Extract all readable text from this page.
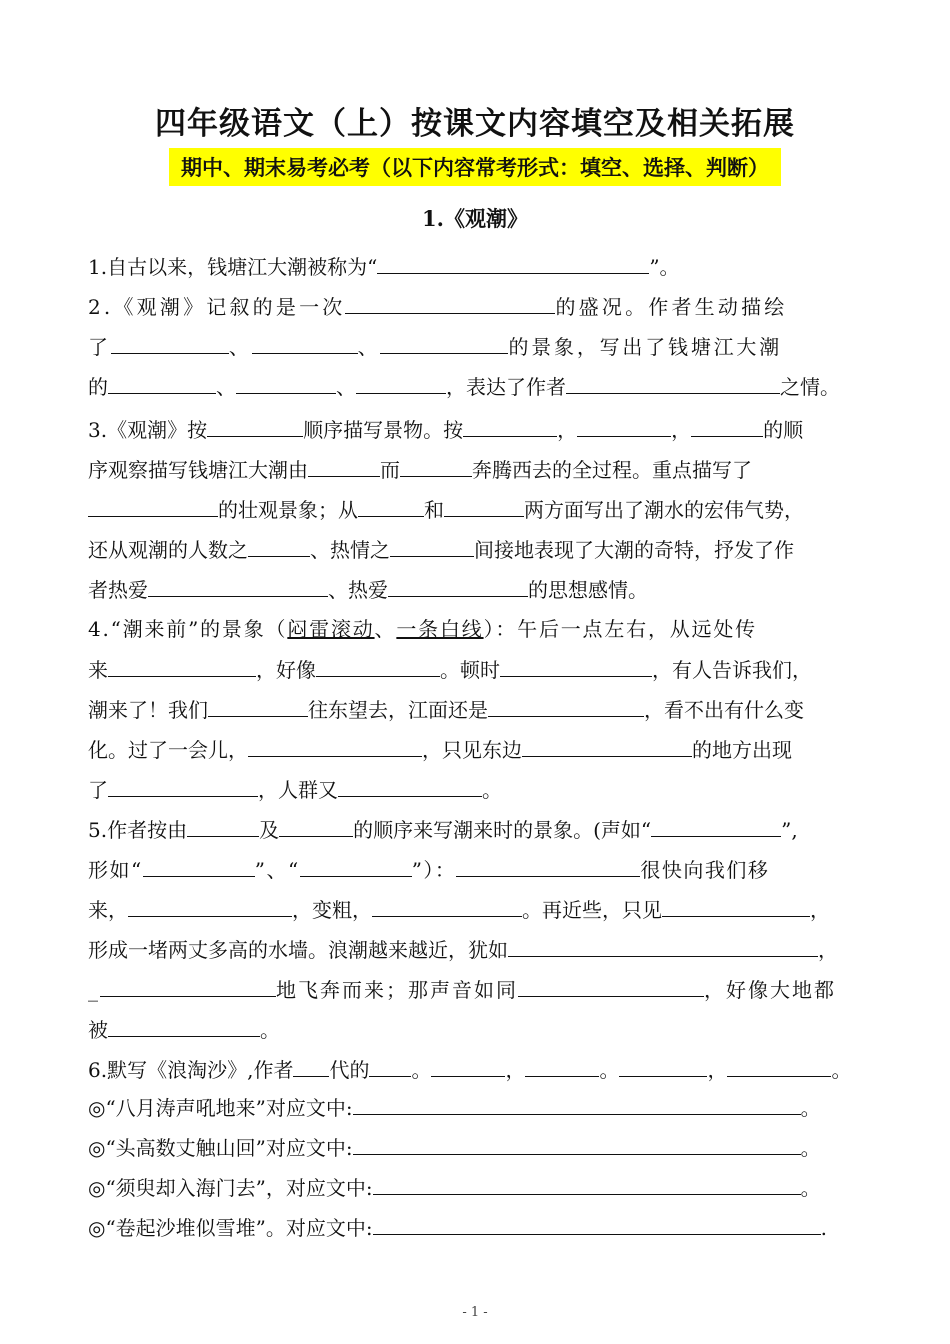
四年级语文（上）按课文内容填空及相关拓展
期中、期末易考必考（以下内容常考形式：填空、选择、判断）
1.《观潮》
1.自古以来，钱塘江大潮被称为“	”。
2.《观潮》记叙的是一次	的盛况。作者生动描绘
了	、	、	的景象，写出了钱塘江大潮
的	、	、	，表达了作者	之情。
3.《观潮》按	顺序描写景物。按	，	，	的顺
序观察描写钱塘江大潮由	而	奔腾西去的全过程。重点描写了
的壮观景象；从	和	两方面写出了潮水的宏伟气势，
还从观潮的人数之	、热情之	间接地表现了大潮的奇特，抒发了作
者热爱	、热爱	的思想感情。
4.“潮来前”的景象（闷雷滚动、一条白线）：午后一点左右，从远处传
来	，好像	。顿时	，有人告诉我们，
潮来了！我们	往东望去，江面还是	，看不出有什么变
化。过了一会儿，	，只见东边	的地方出现
了	，人群又	。
5.作者按由	及	的顺序来写潮来时的景象。(声如“	”,
形如“	”、“	”）：	很快向我们移
来，	，变粗，	。再近些，只见	，
形成一堵两丈多高的水墙。浪潮越来越近，犹如	，
_	地飞奔而来；那声音如同	，好像大地都
被	。
6.默写《浪淘沙》,作者 代的 。	，	。	，	。
◎“八月涛声吼地来”对应文中:	。
◎“头高数丈触山回”对应文中:	。
◎“须臾却入海门去”，对应文中:	。
◎“卷起沙堆似雪堆”。对应文中:	.
- 1 -
